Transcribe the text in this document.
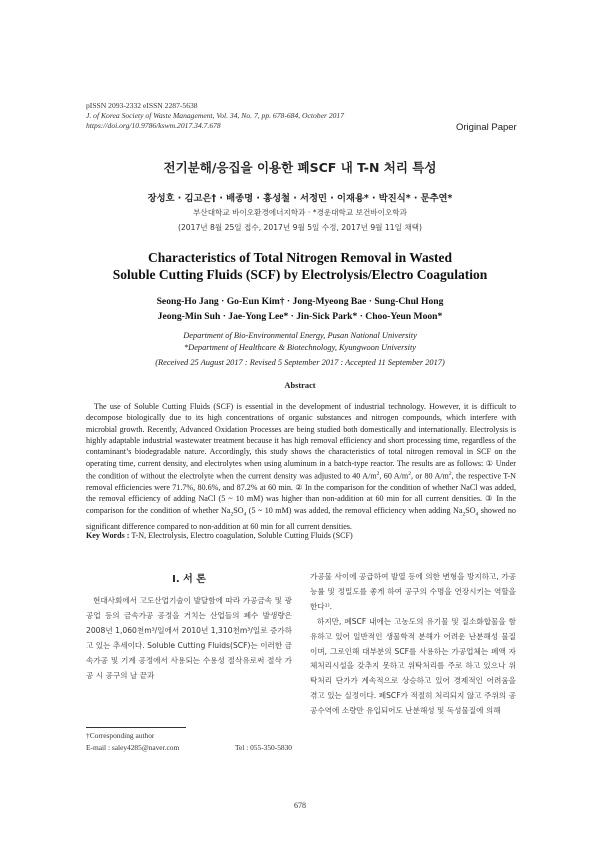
pISSN 2093-2332 eISSN 2287-5638
J. of Korea Society of Waste Management, Vol. 34, No. 7, pp. 678-684, October 2017
https://doi.org/10.9786/kswm.2017.34.7.678	Original Paper
전기분해/응집을 이용한 폐SCF 내 T-N 처리 특성
장성호 · 김고은† · 배종명 · 홍성철 · 서정민 · 이재용* · 박진식* · 문추연*
부산대학교 바이오환경에너지학과 · *경운대학교 보건바이오학과
(2017년 8월 25일 접수, 2017년 9월 5일 수정, 2017년 9월 11일 채택)
Characteristics of Total Nitrogen Removal in Wasted
Soluble Cutting Fluids (SCF) by Electrolysis/Electro Coagulation
Seong-Ho Jang · Go-Eun Kim† · Jong-Myeong Bae · Sung-Chul Hong
Jeong-Min Suh · Jae-Yong Lee* · Jin-Sick Park* · Choo-Yeun Moon*
Department of Bio-Environmental Energy, Pusan National University
*Department of Healthcare & Biotechnology, Kyungwoon University
(Received 25 August 2017 : Revised 5 September 2017 : Accepted 11 September 2017)
Abstract
The use of Soluble Cutting Fluids (SCF) is essential in the development of industrial technology. However, it is difficult to decompose biologically due to its high concentrations of organic substances and nitrogen compounds, which interfere with microbial growth. Recently, Advanced Oxidation Processes are being studied both domestically and internationally. Electrolysis is highly adaptable industrial wastewater treatment because it has high removal efficiency and short processing time, regardless of the contaminant’s biodegradable nature. Accordingly, this study shows the characteristics of total nitrogen removal in SCF on the operating time, current density, and electrolytes when using aluminum in a batch-type reactor. The results are as follows: ① Under the condition of without the electrolyte when the current density was adjusted to 40 $A/m^2$, 60 $A/m^2$, or 80 $A/m^2$, the respective T-N removal efficiencies were 71.7%, 80.6%, and 87.2% at 60 min. ② In the comparison for the condition of whether NaCl was added, the removal efficiency of adding NaCl (5 ~ 10 mM) was higher than non-addition at 60 min for all current densities. ③ In the comparison for the condition of whether $Na_2SO_4$ (5 ~ 10 mM) was added, the removal efficiency when adding $Na_2SO_4$ showed no significant difference compared to non-addition at 60 min for all current densities.
Key Words : T-N, Electrolysis, Electro coagulation, Soluble Cutting Fluids (SCF)
I. 서 론
현대사회에서 고도산업기술이 발달함에 따라 가공금속 및 광공업 등의 금속가공 공정을 거치는 산업들의 폐수 발생량은 2008년 1,060천m³/일에서 2010년 1,310천m³/일로 증가하고 있는 추세이다. Soluble Cutting Fluids(SCF)는 이러한 금속가공 및 기계 공정에서 사용되는 수용성 절삭유로써 절삭 가공 시 공구의 날 끝과
가공물 사이에 공급하여 발열 등에 의한 변형을 방지하고, 가공능률 및 정밀도를 좋게 하여 공구의 수명을 연장시키는 역할을 한다¹⁾.
하지만, 폐SCF 내에는 고농도의 유기물 및 질소화합물을 함유하고 있어 일반적인 생물학적 분해가 어려운 난분해성 물질이며, 그로인해 대부분의 SCF를 사용하는 가공업체는 폐액 자체처리시설을 갖추지 못하고 위탁처리를 주로 하고 있으나 위탁처리 단가가 계속적으로 상승하고 있어 경제적인 어려움을 겪고 있는 실정이다. 폐SCF가 적절히 처리되지 않고 주위의 공공수역에 소량만 유입되어도 난분해성 및 독성물질에 의해
†Corresponding author
E-mail : saley4285@naver.com	Tel : 055-350-5830
678
